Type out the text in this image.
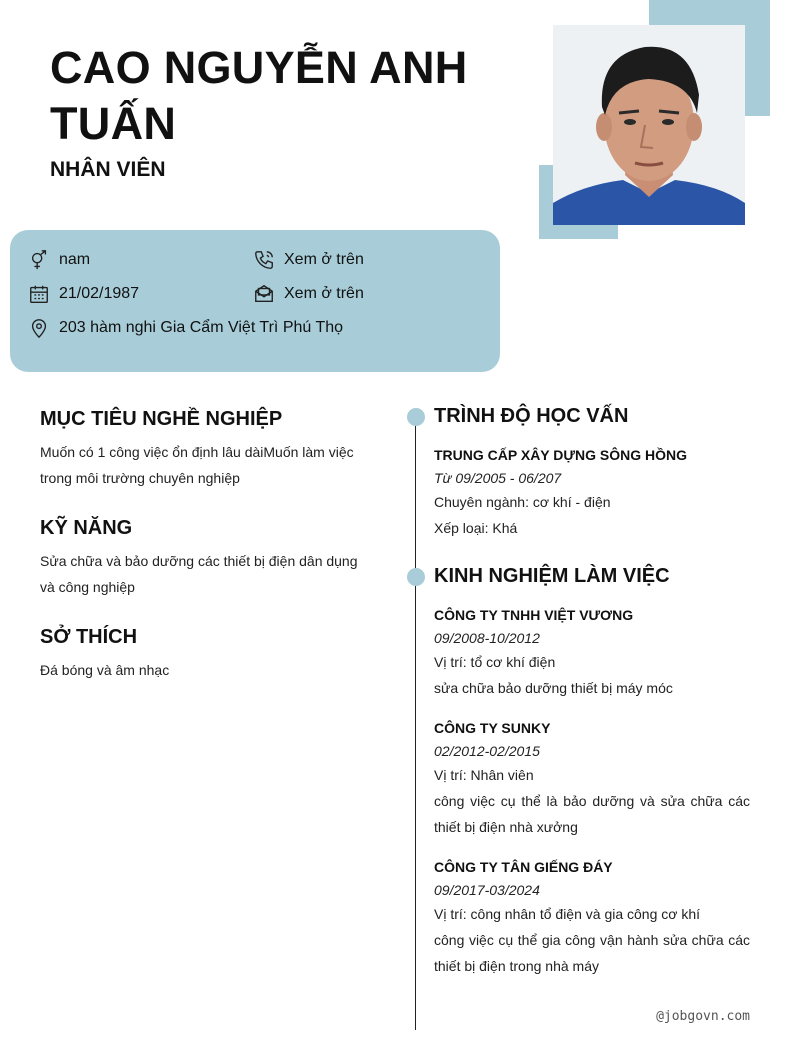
CAO NGUYỄN ANH TUẤN
NHÂN VIÊN
nam	Xem ở trên
21/02/1987	Xem ở trên
203 hàm nghi Gia Cẩm Việt Trì Phú Thọ
MỤC TIÊU NGHỀ NGHIỆP
Muốn có 1 công việc ổn định lâu dàiMuốn làm việc trong môi trường chuyên nghiệp
KỸ NĂNG
Sửa chữa và bảo dưỡng các thiết bị điện dân dụng và công nghiệp
SỞ THÍCH
Đá bóng và âm nhạc
TRÌNH ĐỘ HỌC VẤN
TRUNG CẤP XÂY DỰNG SÔNG HỒNG
Từ 09/2005 - 06/207
Chuyên ngành: cơ khí - điện
Xếp loại: Khá
KINH NGHIỆM LÀM VIỆC
CÔNG TY TNHH VIỆT VƯƠNG
09/2008-10/2012
Vị trí: tổ cơ khí điện
sửa chữa bảo dưỡng thiết bị máy móc
CÔNG TY SUNKY
02/2012-02/2015
Vị trí: Nhân viên
công việc cụ thể là bảo dưỡng và sửa chữa các thiết bị điện nhà xưởng
CÔNG TY TÂN GIẾNG ĐÁY
09/2017-03/2024
Vị trí: công nhân tổ điện và gia công cơ khí
công việc cụ thể gia công vận hành sửa chữa các thiết bị điện trong nhà máy
@jobgovn.com
